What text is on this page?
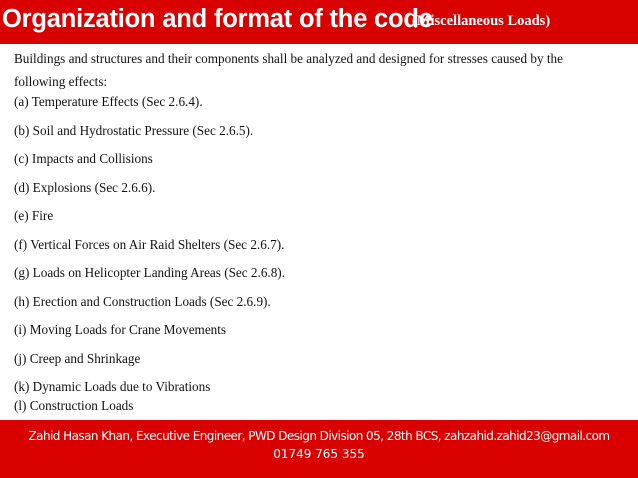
Organization and format of the code
(Miscellaneous Loads)

Buildings and structures and their components shall be analyzed and designed for stresses caused by the following effects:

(a) Temperature Effects (Sec 2.6.4).
(b) Soil and Hydrostatic Pressure (Sec 2.6.5).
(c) Impacts and Collisions
(d) Explosions (Sec 2.6.6).
(e) Fire
(f) Vertical Forces on Air Raid Shelters (Sec 2.6.7).
(g) Loads on Helicopter Landing Areas (Sec 2.6.8).
(h) Erection and Construction Loads (Sec 2.6.9).
(i) Moving Loads for Crane Movements
(j) Creep and Shrinkage
(k) Dynamic Loads due to Vibrations
(l) Construction Loads
Zahid Hasan Khan, Executive Engineer, PWD Design Division 05, 28th BCS, zahzahid.zahid23@gmail.com
01749 765 355
